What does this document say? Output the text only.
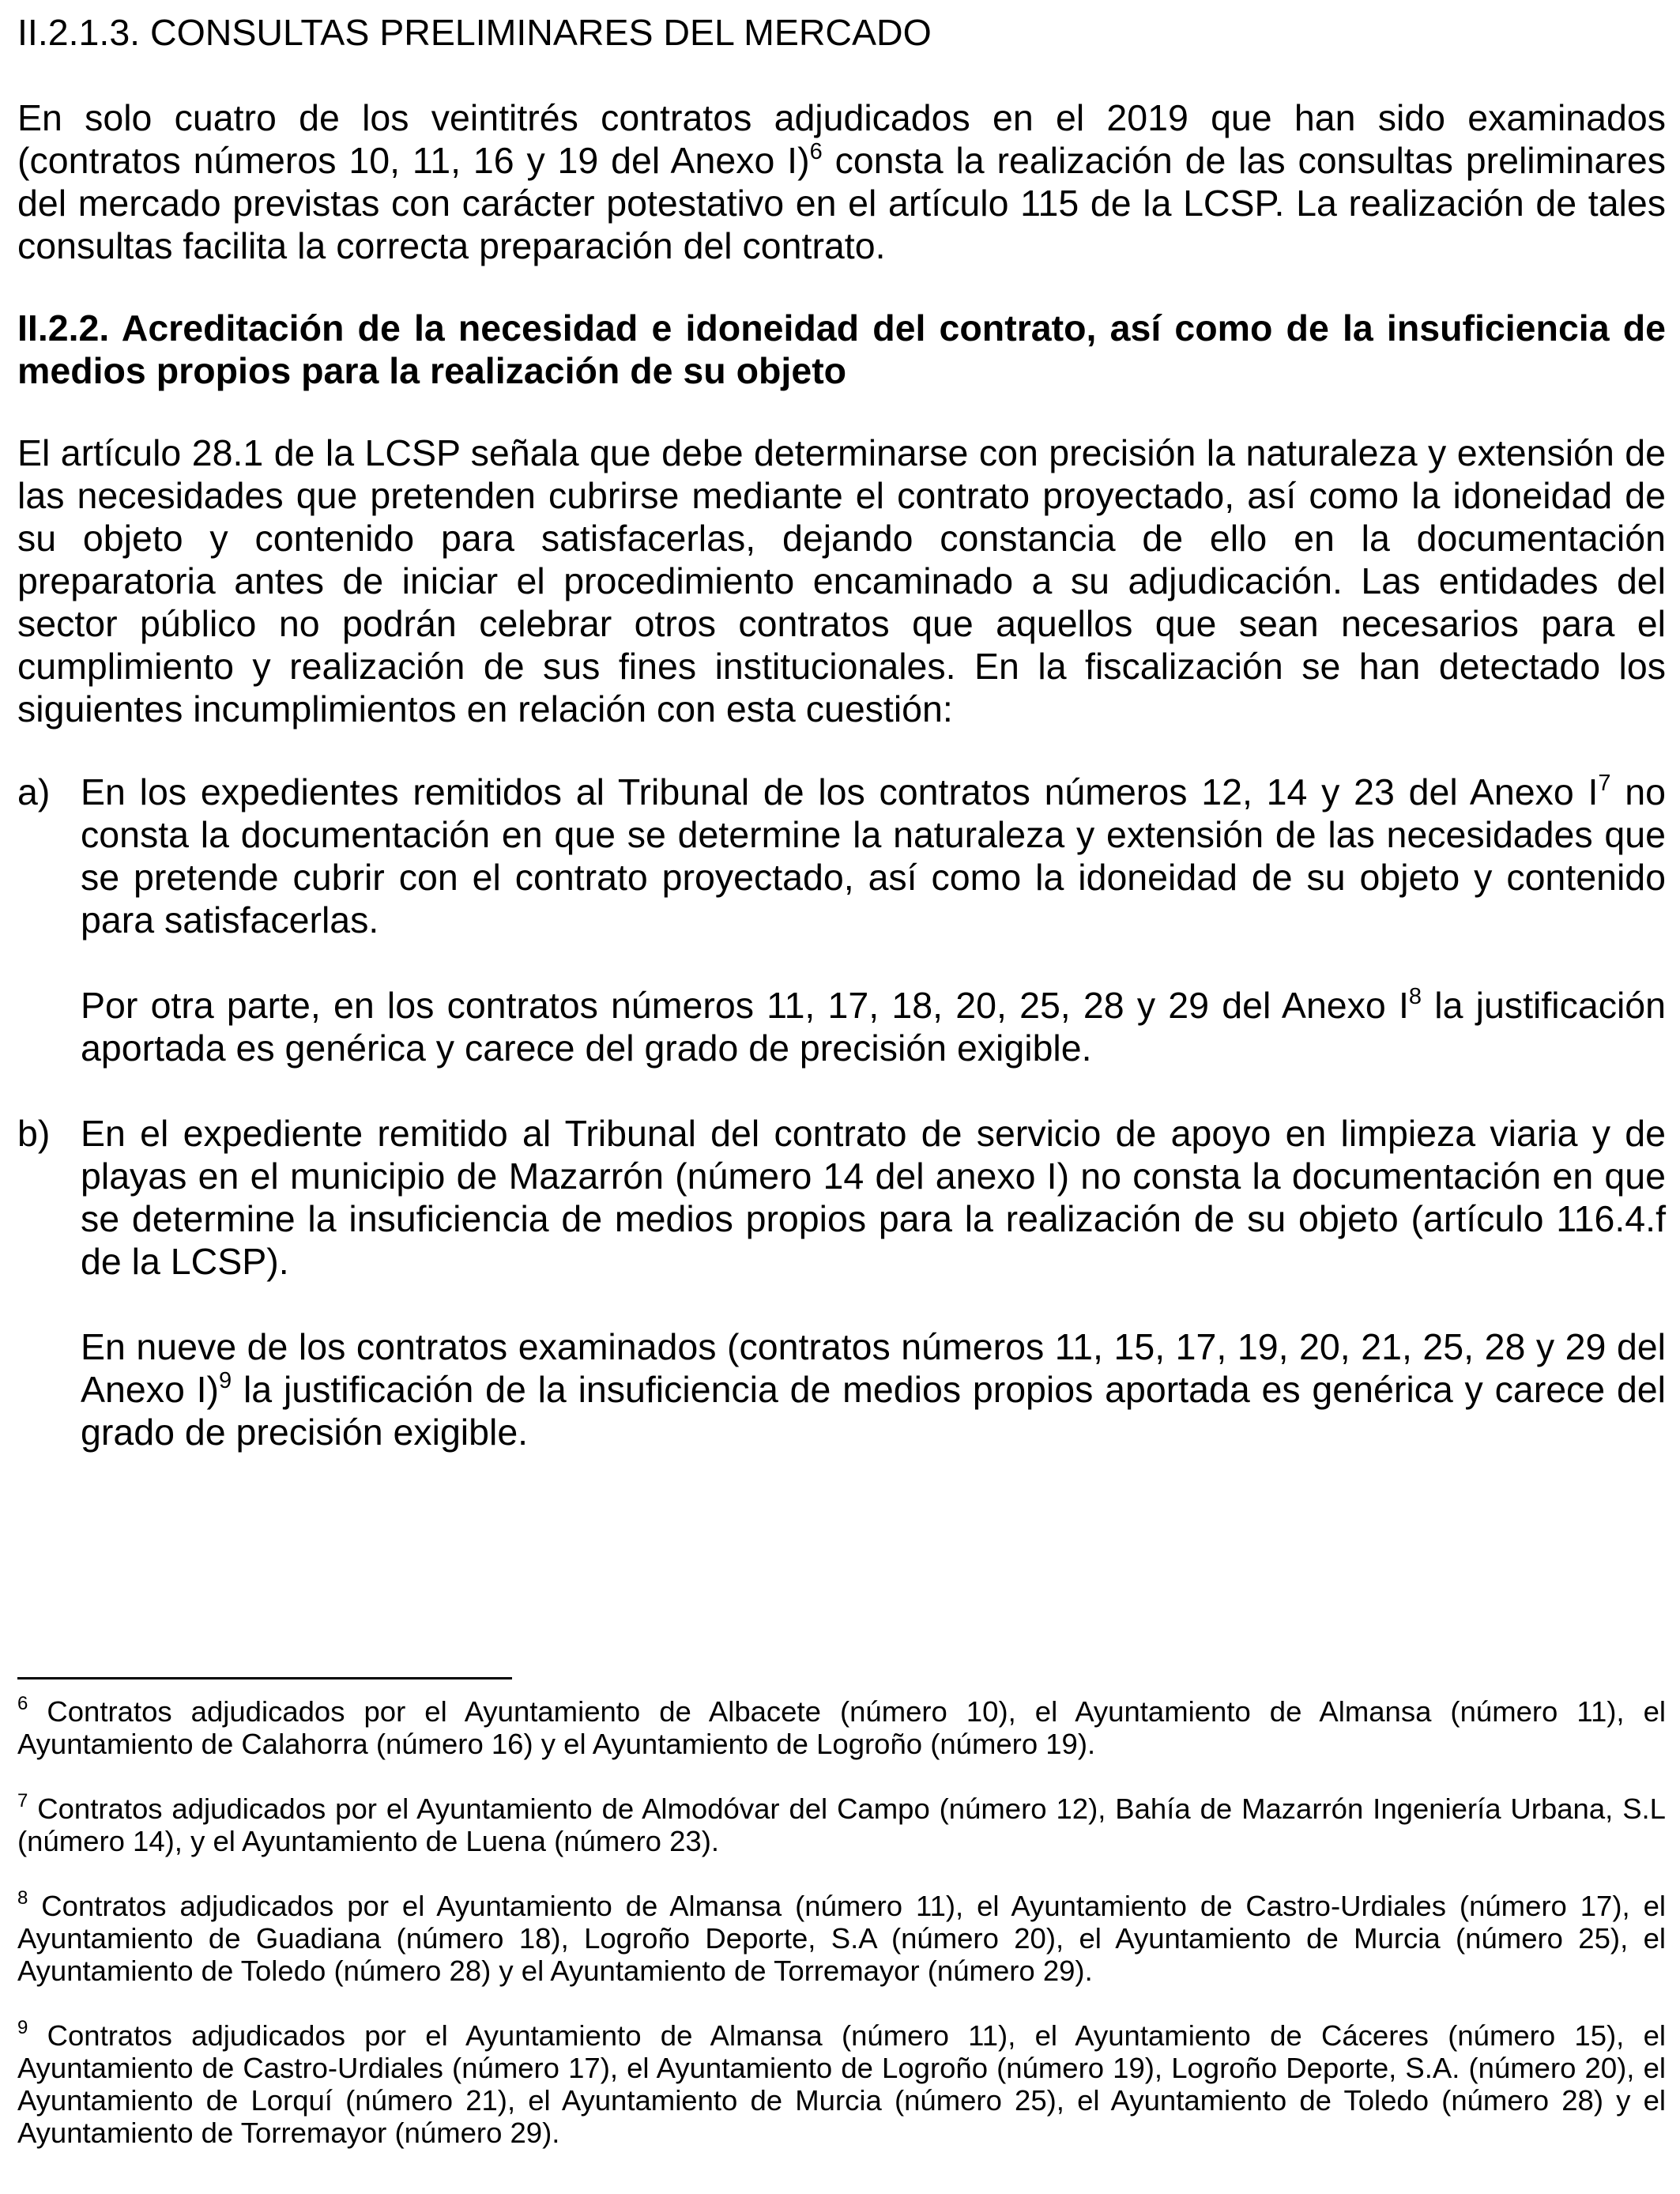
II.2.1.3. CONSULTAS PRELIMINARES DEL MERCADO

En solo cuatro de los veintitrés contratos adjudicados en el 2019 que han sido examinados (contratos números 10, 11, 16 y 19 del Anexo I)$^6$ consta la realización de las consultas preliminares del mercado previstas con carácter potestativo en el artículo 115 de la LCSP. La realización de tales consultas facilita la correcta preparación del contrato.

II.2.2. Acreditación de la necesidad e idoneidad del contrato, así como de la insuficiencia de medios propios para la realización de su objeto

El artículo 28.1 de la LCSP señala que debe determinarse con precisión la naturaleza y extensión de las necesidades que pretenden cubrirse mediante el contrato proyectado, así como la idoneidad de su objeto y contenido para satisfacerlas, dejando constancia de ello en la documentación preparatoria antes de iniciar el procedimiento encaminado a su adjudicación. Las entidades del sector público no podrán celebrar otros contratos que aquellos que sean necesarios para el cumplimiento y realización de sus fines institucionales. En la fiscalización se han detectado los siguientes incumplimientos en relación con esta cuestión:

a) En los expedientes remitidos al Tribunal de los contratos números 12, 14 y 23 del Anexo $I^7$ no consta la documentación en que se determine la naturaleza y extensión de las necesidades que se pretende cubrir con el contrato proyectado, así como la idoneidad de su objeto y contenido para satisfacerlas.

Por otra parte, en los contratos números 11, 17, 18, 20, 25, 28 y 29 del Anexo $I^8$ la justificación aportada es genérica y carece del grado de precisión exigible.

b) En el expediente remitido al Tribunal del contrato de servicio de apoyo en limpieza viaria y de playas en el municipio de Mazarrón (número 14 del anexo I) no consta la documentación en que se determine la insuficiencia de medios propios para la realización de su objeto (artículo 116.4.f de la LCSP).

En nueve de los contratos examinados (contratos números 11, 15, 17, 19, 20, 21, 25, 28 y 29 del Anexo I)$^9$ la justificación de la insuficiencia de medios propios aportada es genérica y carece del grado de precisión exigible.

$^6$ Contratos adjudicados por el Ayuntamiento de Albacete (número 10), el Ayuntamiento de Almansa (número 11), el Ayuntamiento de Calahorra (número 16) y el Ayuntamiento de Logroño (número 19).

$^7$ Contratos adjudicados por el Ayuntamiento de Almodóvar del Campo (número 12), Bahía de Mazarrón Ingeniería Urbana, S.L (número 14), y el Ayuntamiento de Luena (número 23).

$^8$ Contratos adjudicados por el Ayuntamiento de Almansa (número 11), el Ayuntamiento de Castro-Urdiales (número 17), el Ayuntamiento de Guadiana (número 18), Logroño Deporte, S.A (número 20), el Ayuntamiento de Murcia (número 25), el Ayuntamiento de Toledo (número 28) y el Ayuntamiento de Torremayor (número 29).

$^9$ Contratos adjudicados por el Ayuntamiento de Almansa (número 11), el Ayuntamiento de Cáceres (número 15), el Ayuntamiento de Castro-Urdiales (número 17), el Ayuntamiento de Logroño (número 19), Logroño Deporte, S.A. (número 20), el Ayuntamiento de Lorquí (número 21), el Ayuntamiento de Murcia (número 25), el Ayuntamiento de Toledo (número 28) y el Ayuntamiento de Torremayor (número 29).
